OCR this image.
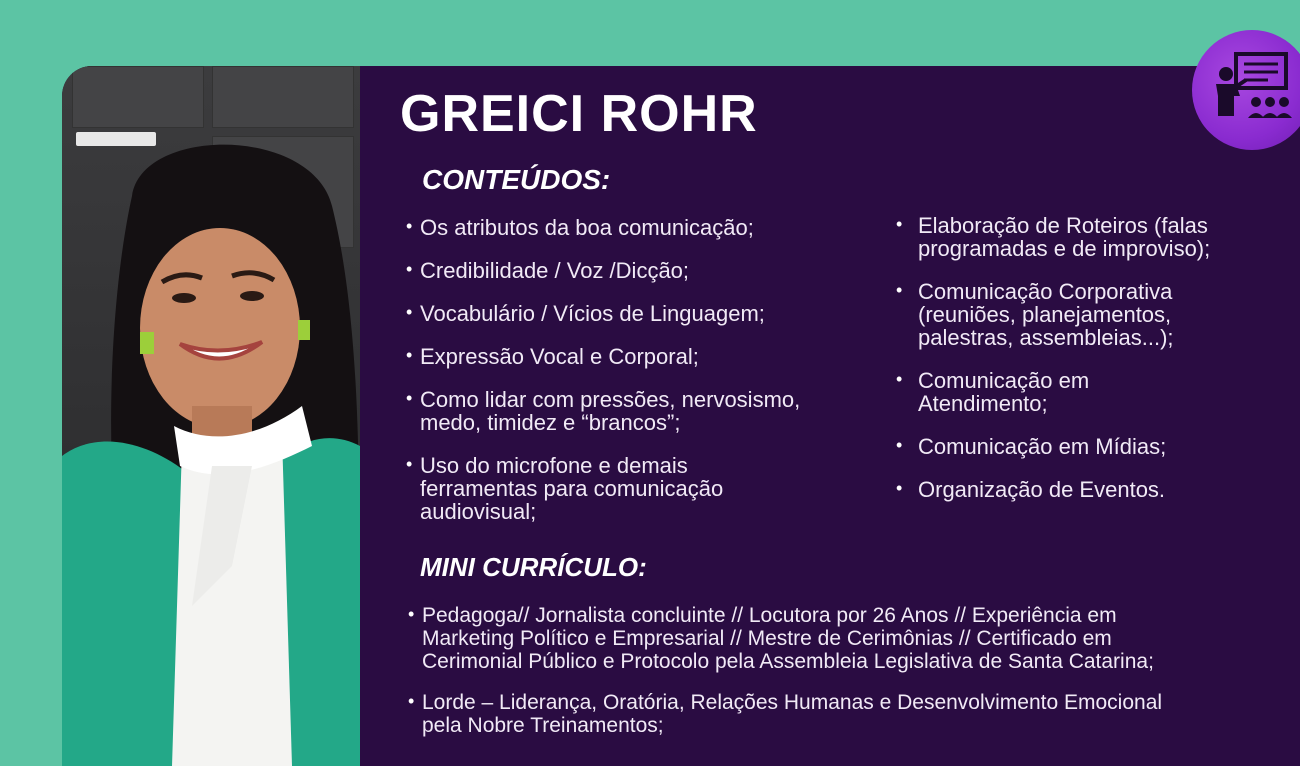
GREICI ROHR
CONTEÚDOS:
• Os atributos da boa comunicação;
• Credibilidade / Voz /Dicção;
• Vocabulário / Vícios de Linguagem;
• Expressão Vocal e Corporal;
• Como lidar com pressões, nervosismo,
medo, timidez e “brancos”;
• Uso do microfone e demais
ferramentas para comunicação
audiovisual;
• Elaboração de Roteiros (falas
programadas e de improviso);
• Comunicação Corporativa
(reuniões, planejamentos,
palestras, assembleias...);
• Comunicação em
Atendimento;
• Comunicação em Mídias;
• Organização de Eventos.
MINI CURRÍCULO:
• Pedagoga// Jornalista concluinte // Locutora por 26 Anos // Experiência em
Marketing Político e Empresarial // Mestre de Cerimônias // Certificado em
Cerimonial Público e Protocolo pela Assembleia Legislativa de Santa Catarina;
• Lorde – Liderança, Oratória, Relações Humanas e Desenvolvimento Emocional
pela Nobre Treinamentos;
